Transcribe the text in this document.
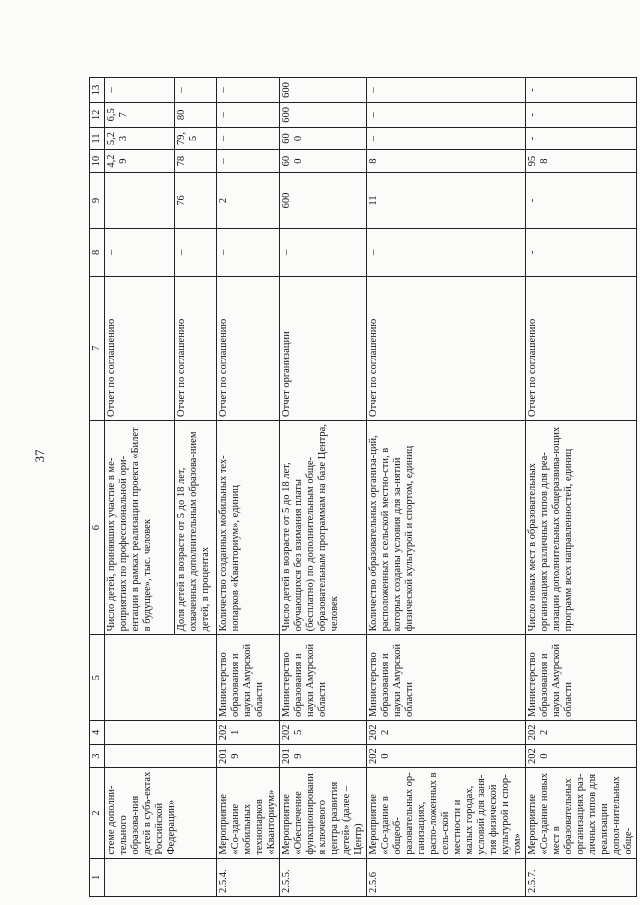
37
1	2	3	4	5	6	7	8	9	10	11	12	13
	стеме дополни-тельного образова-ния детей в субъ-ектах Российской Федерации»				Число детей, принявших участие в ме-роприятиях по профессиональной ори-ентации в рамках реализации проекта «Билет в будущее», тыс. человек	Отчет по соглашению	–		4,29	5,23	6,57	–
					Доля детей в возрасте от 5 до 18 лет, охваченных дополнительным образова-нием детей, в процентах	Отчет по соглашению	–	76	78	79,5	80	–
2.5.4.	Мероприятие «Со-здание мобильных технопарков «Кванториум»	2019	2021	Министерство образования и науки Амурской области	Количество созданных мобильных тех-нопарков «Кванториум», единиц	Отчет по соглашению	–	2	–	–	–	–
2.5.5.	Мероприятие «Обеспечение функционирования ключевого центра развития детей» (далее – Центр)	2019	2025	Министерство образования и науки Амурской области	Число детей в возрасте от 5 до 18 лет, обучающихся без взимания платы (бесплатно) по дополнительным обще-образовательным программам на базе Центра, человек	Отчет организации	–	600	600	600	600	600
2.5.6	Мероприятие «Со-здание в общеоб-разовательных ор-ганизациях, распо-ложенных в сель-ской местности и малых городах, условий для заня-тия физической культурой и спор-том»	2020	2022	Министерство образования и науки Амурской области	Количество образовательных организа-ций, расположенных в сельской местно-сти, в которых созданы условия для за-нятий физической культурой и спортом, единиц	Отчет по соглашению	–	11	8	–	–	–
2.5.7.	Мероприятие «Со-здание новых мест в образовательных организациях раз-личных типов для реализации допол-нительных обще-	2020	2022	Министерство образования и науки Амурской области	Число новых мест в образовательных организациях различных типов для реа-лизации дополнительных общеразвива-ющих программ всех направленностей, единиц	Отчет по соглашению	-	-	958	-	-	-
